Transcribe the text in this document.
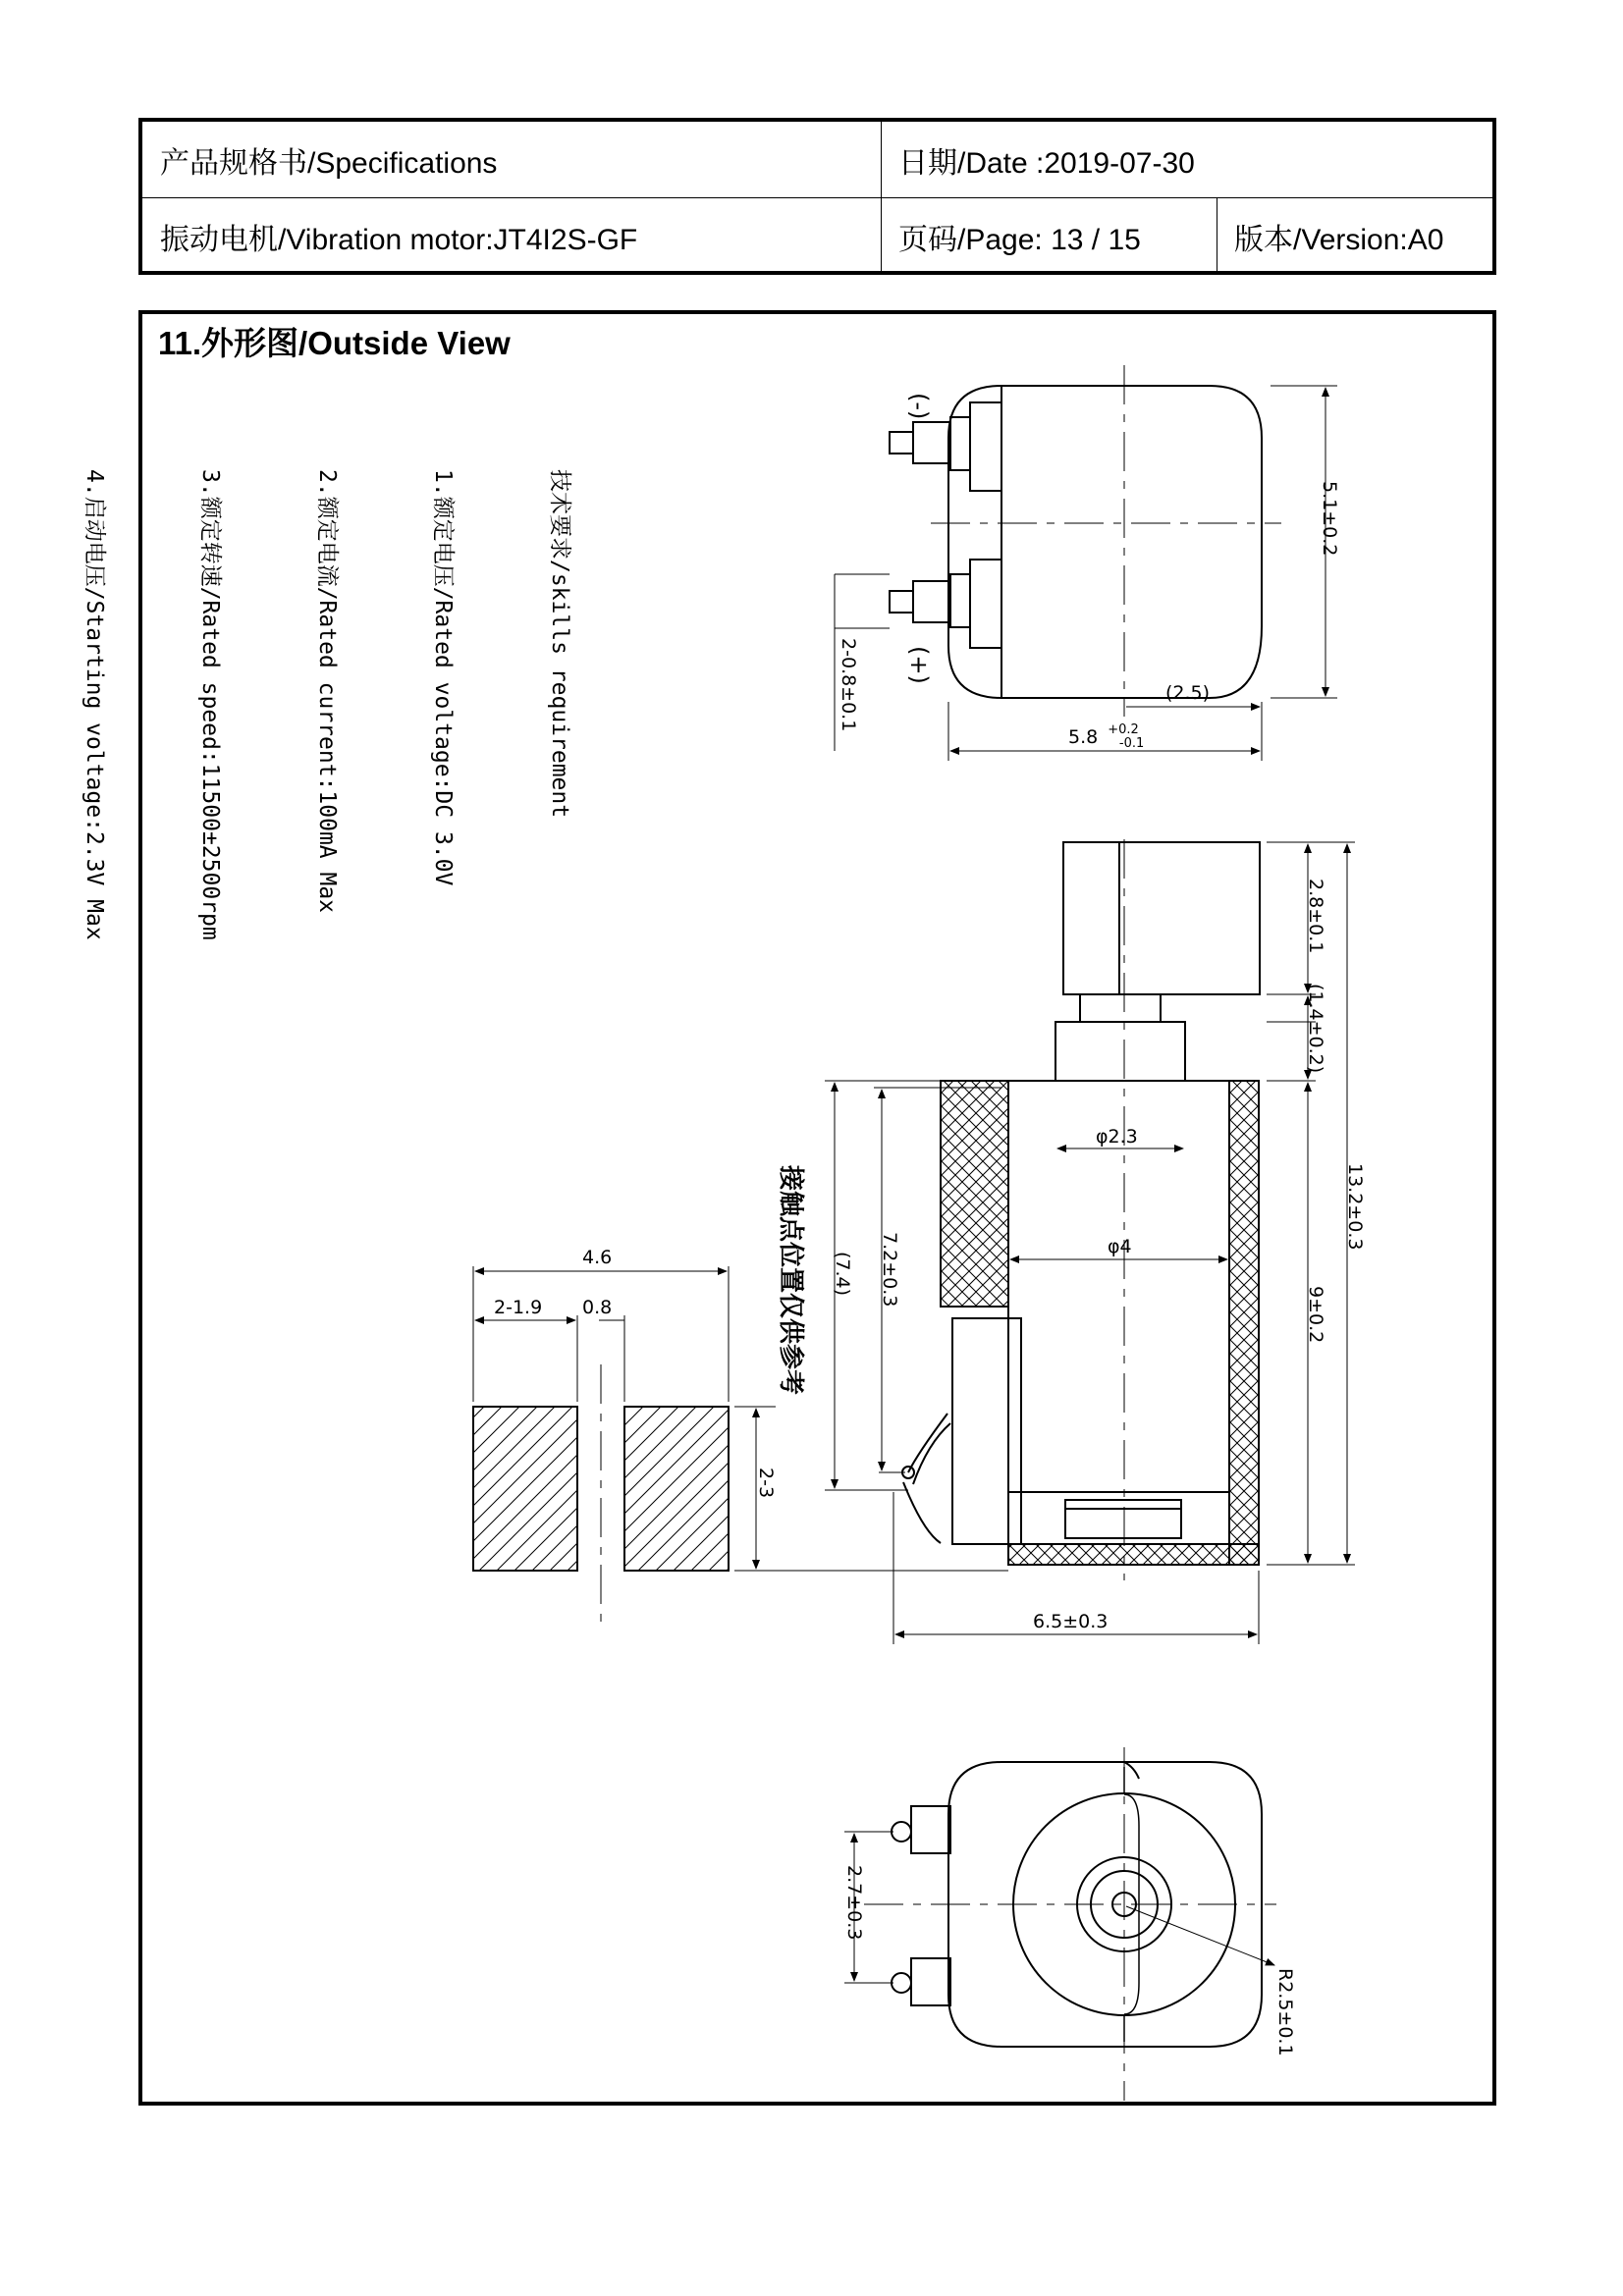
产品规格书/Specifications	日期/Date :2019-07-30
振动电机/Vibration motor:JT4I2S-GF	页码/Page: 13 / 15	版本/Version:A0
11.外形图/Outside View

技术要求/skills requirement

1.额定电压/Rated voltage:DC 3.0V

2.额定电流/Rated current:100mA Max

3.额定转速/Rated speed:11500±2500rpm

4.启动电压/Starting voltage:2.3V Max

(-)
(+)
5.1±0.2
2-0.8±0.1	(2.5)
5.8 $^{+0.2}$ -0.1
2.8±0.1
(1.4±0.2)
13.2±0.3
9±0.2
φ2.3
φ4
7.2±0.3
(7.4)
6.5±0.3
接触点位置仅供参考
4.6
2-1.9 0.8
2-3
2.7±0.3
R2.5±0.1
